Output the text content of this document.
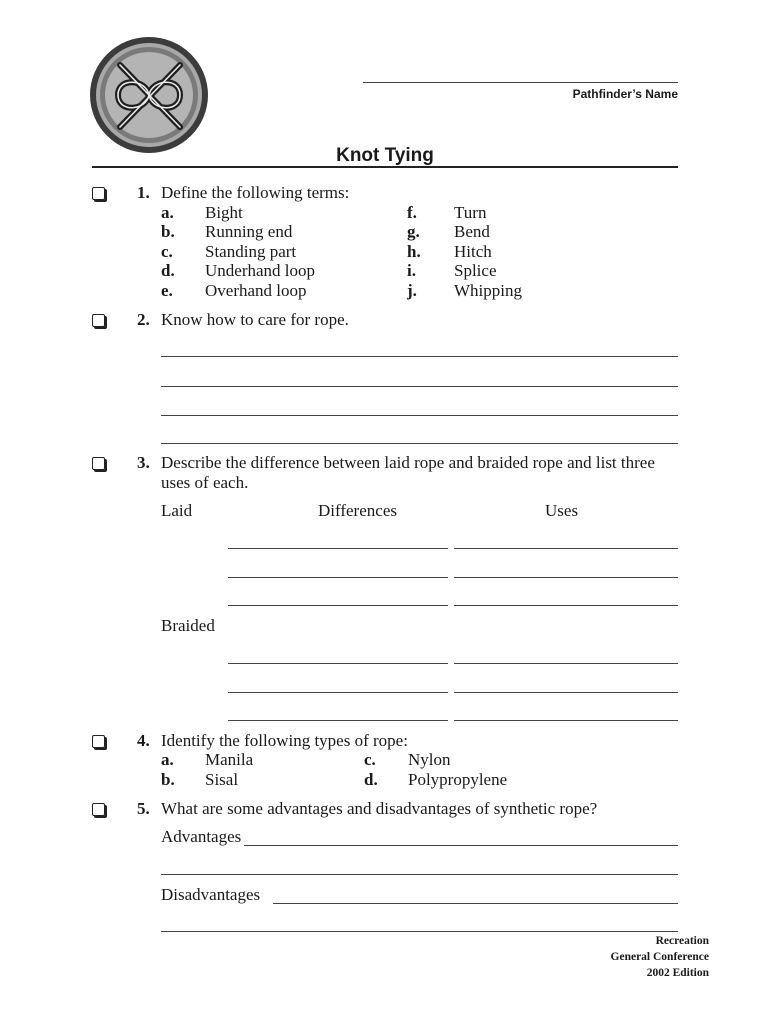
Pathfinder’s Name
Knot Tying
1. Define the following terms:
a. Bight
b. Running end
c. Standing part
d. Underhand loop
e. Overhand loop
f. Turn
g. Bend
h. Hitch
i. Splice
j. Whipping
2. Know how to care for rope.
3. Describe the difference between laid rope and braided rope and list three
uses of each.
Laid	Differences	Uses
Braided
4. Identify the following types of rope:
a. Manila
b. Sisal
c. Nylon
d. Polypropylene
5. What are some advantages and disadvantages of synthetic rope?
Advantages
Disadvantages
Recreation
General Conference
2002 Edition
